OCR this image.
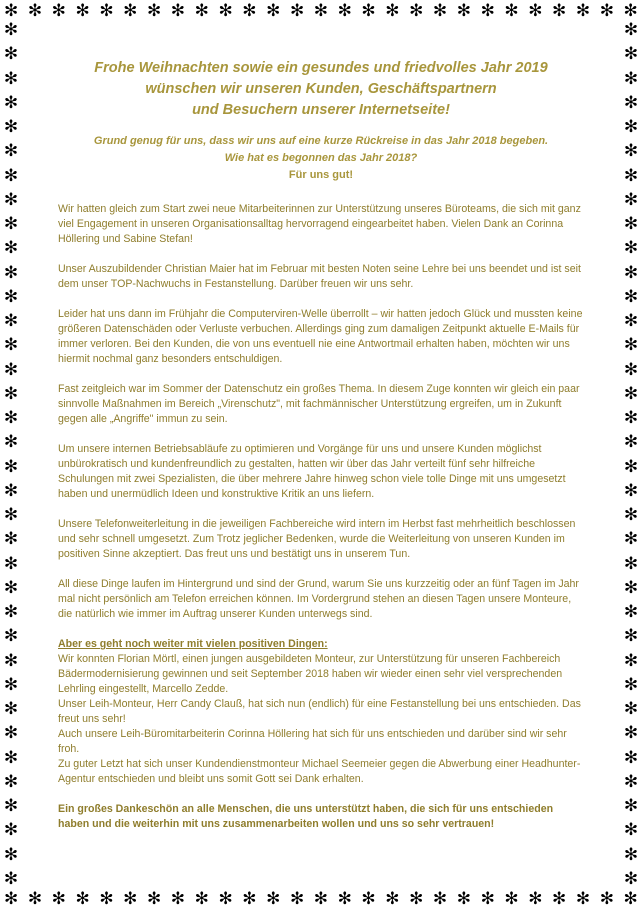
✻ ✻ ✻ ✻ ✻ ✻ ✻ ✻ ✻ ✻ ✻ ✻ ✻ ✻ ✻ ✻ ✻ ✻ ✻ ✻ ✻ ✻ ✻ ✻ ✻ ✻ ✻
✻
✻
✻
✻
✻
✻
✻
✻
✻
✻
✻
✻
✻
✻
✻
✻
✻
✻
✻
✻
✻
✻
✻
✻
✻
✻
✻
✻
✻
✻
✻
✻
✻
✻
✻
✻
✻
✻
✻
✻
✻
✻
✻
✻
✻
✻
✻
✻
✻
✻
✻
✻
✻
✻
✻
✻
✻
✻
✻
✻
✻
✻
✻
✻
✻
✻
✻
✻
✻
✻
✻
✻
✻ ✻ ✻ ✻ ✻ ✻ ✻ ✻ ✻ ✻ ✻ ✻ ✻ ✻ ✻ ✻ ✻ ✻ ✻ ✻ ✻ ✻ ✻ ✻ ✻ ✻ ✻
Frohe Weihnachten sowie ein gesundes und friedvolles Jahr 2019
wünschen wir unseren Kunden, Geschäftspartnern
und Besuchern unserer Internetseite!
Grund genug für uns, dass wir uns auf eine kurze Rückreise in das Jahr 2018 begeben.
Wie hat es begonnen das Jahr 2018?
Für uns gut!

Wir hatten gleich zum Start zwei neue Mitarbeiterinnen zur Unterstützung unseres Büroteams, die sich mit ganz viel Engagement in unseren Organisationsalltag hervorragend eingearbeitet haben. Vielen Dank an Corinna Höllering und Sabine Stefan!

Unser Auszubildender Christian Maier hat im Februar mit besten Noten seine Lehre bei uns beendet und ist seit dem unser TOP-Nachwuchs in Festanstellung. Darüber freuen wir uns sehr.

Leider hat uns dann im Frühjahr die Computerviren-Welle überrollt – wir hatten jedoch Glück und mussten keine größeren Datenschäden oder Verluste verbuchen. Allerdings ging zum damaligen Zeitpunkt aktuelle E-Mails für immer verloren. Bei den Kunden, die von uns eventuell nie eine Antwortmail erhalten haben, möchten wir uns hiermit nochmal ganz besonders entschuldigen.

Fast zeitgleich war im Sommer der Datenschutz ein großes Thema. In diesem Zuge konnten wir gleich ein paar sinnvolle Maßnahmen im Bereich „Virenschutz", mit fachmännischer Unterstützung ergreifen, um in Zukunft gegen alle „Angriffe" immun zu sein.

Um unsere internen Betriebsabläufe zu optimieren und Vorgänge für uns und unsere Kunden möglichst unbürokratisch und kundenfreundlich zu gestalten, hatten wir über das Jahr verteilt fünf sehr hilfreiche Schulungen mit zwei Spezialisten, die über mehrere Jahre hinweg schon viele tolle Dinge mit uns umgesetzt haben und unermüdlich Ideen und konstruktive Kritik an uns liefern.

Unsere Telefonweiterleitung in die jeweiligen Fachbereiche wird intern im Herbst fast mehrheitlich beschlossen und sehr schnell umgesetzt. Zum Trotz jeglicher Bedenken, wurde die Weiterleitung von unseren Kunden im positiven Sinne akzeptiert. Das freut uns und bestätigt uns in unserem Tun.

All diese Dinge laufen im Hintergrund und sind der Grund, warum Sie uns kurzzeitig oder an fünf Tagen im Jahr mal nicht persönlich am Telefon erreichen können. Im Vordergrund stehen an diesen Tagen unsere Monteure, die natürlich wie immer im Auftrag unserer Kunden unterwegs sind.

Aber es geht noch weiter mit vielen positiven Dingen:

Wir konnten Florian Mörtl, einen jungen ausgebildeten Monteur, zur Unterstützung für unseren Fachbereich Bädermodernisierung gewinnen und seit September 2018 haben wir wieder einen sehr viel versprechenden Lehrling eingestellt, Marcello Zedde.

Unser Leih-Monteur, Herr Candy Clauß, hat sich nun (endlich) für eine Festanstellung bei uns entschieden. Das freut uns sehr!

Auch unsere Leih-Büromitarbeiterin Corinna Höllering hat sich für uns entschieden und darüber sind wir sehr froh.

Zu guter Letzt hat sich unser Kundendienstmonteur Michael Seemeier gegen die Abwerbung einer Headhunter-Agentur entschieden und bleibt uns somit Gott sei Dank erhalten.

Ein großes Dankeschön an alle Menschen, die uns unterstützt haben, die sich für uns entschieden haben und die weiterhin mit uns zusammenarbeiten wollen und uns so sehr vertrauen!
